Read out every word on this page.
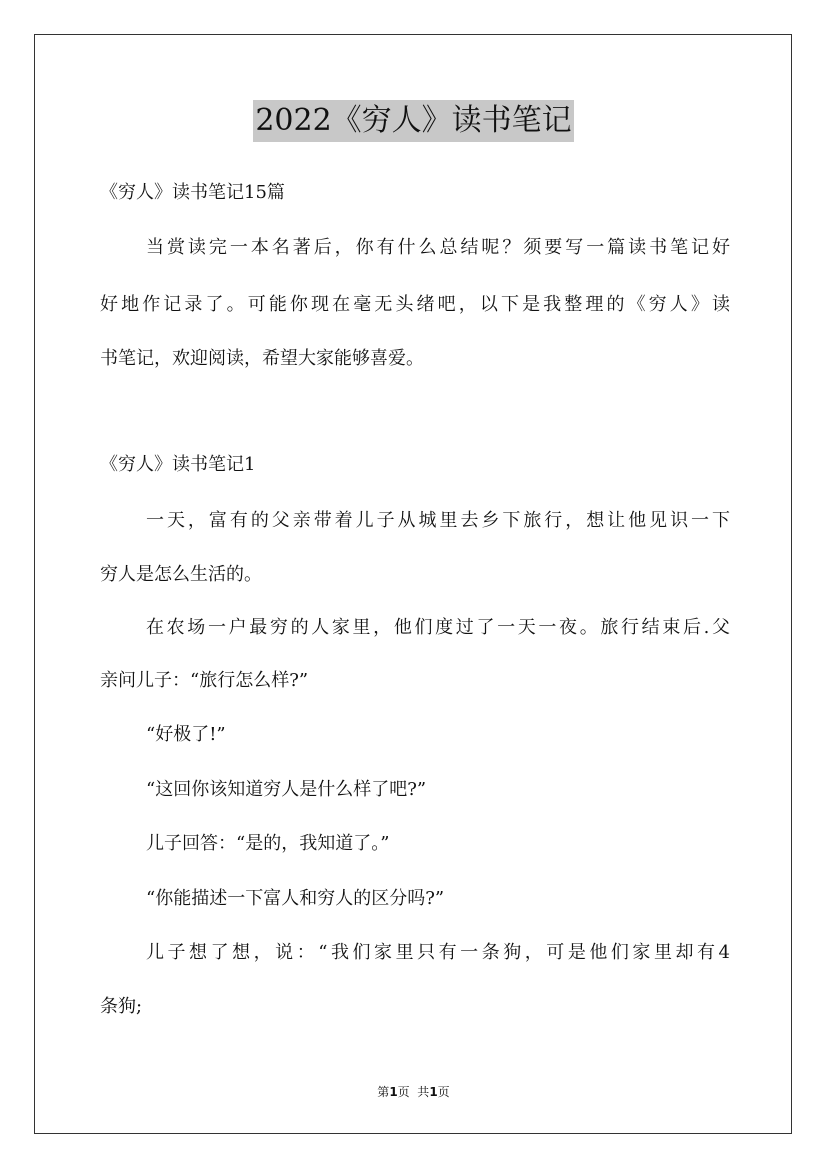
2022《穷人》读书笔记
《穷人》读书笔记15篇
当赏读完一本名著后，你有什么总结呢？须要写一篇读书笔记好
好地作记录了。可能你现在毫无头绪吧，以下是我整理的《穷人》读
书笔记，欢迎阅读，希望大家能够喜爱。
《穷人》读书笔记1
一天，富有的父亲带着儿子从城里去乡下旅行，想让他见识一下
穷人是怎么生活的。
在农场一户最穷的人家里，他们度过了一天一夜。旅行结束后.父
亲问儿子：“旅行怎么样?”
“好极了!”
“这回你该知道穷人是什么样了吧?”
儿子回答：“是的，我知道了。”
“你能描述一下富人和穷人的区分吗?”
儿子想了想，说：“我们家里只有一条狗，可是他们家里却有4
条狗;
第1页  共1页
